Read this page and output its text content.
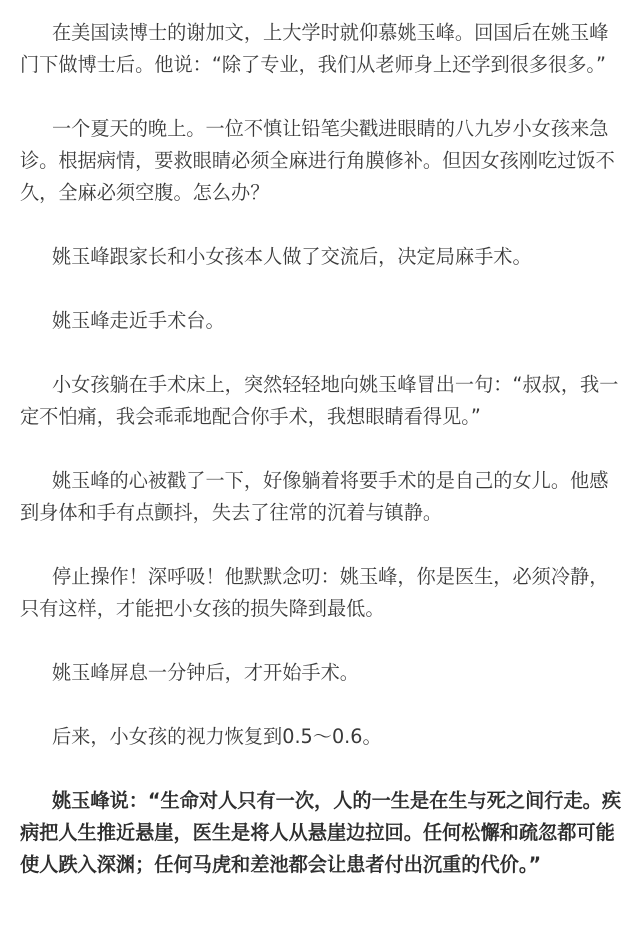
在美国读博士的谢加文，上大学时就仰慕姚玉峰。回国后在姚玉峰门下做博士后。他说：“除了专业，我们从老师身上还学到很多很多。”

一个夏天的晚上。一位不慎让铅笔尖戳进眼睛的八九岁小女孩来急诊。根据病情，要救眼睛必须全麻进行角膜修补。但因女孩刚吃过饭不久，全麻必须空腹。怎么办？

姚玉峰跟家长和小女孩本人做了交流后，决定局麻手术。

姚玉峰走近手术台。

小女孩躺在手术床上，突然轻轻地向姚玉峰冒出一句：“叔叔，我一定不怕痛，我会乖乖地配合你手术，我想眼睛看得见。”

姚玉峰的心被戳了一下，好像躺着将要手术的是自己的女儿。他感到身体和手有点颤抖，失去了往常的沉着与镇静。

停止操作！深呼吸！他默默念叨：姚玉峰，你是医生，必须冷静，只有这样，才能把小女孩的损失降到最低。

姚玉峰屏息一分钟后，才开始手术。

后来，小女孩的视力恢复到0.5～0.6。

姚玉峰说：“生命对人只有一次，人的一生是在生与死之间行走。疾病把人生推近悬崖，医生是将人从悬崖边拉回。任何松懈和疏忽都可能使人跌入深渊；任何马虎和差池都会让患者付出沉重的代价。”
